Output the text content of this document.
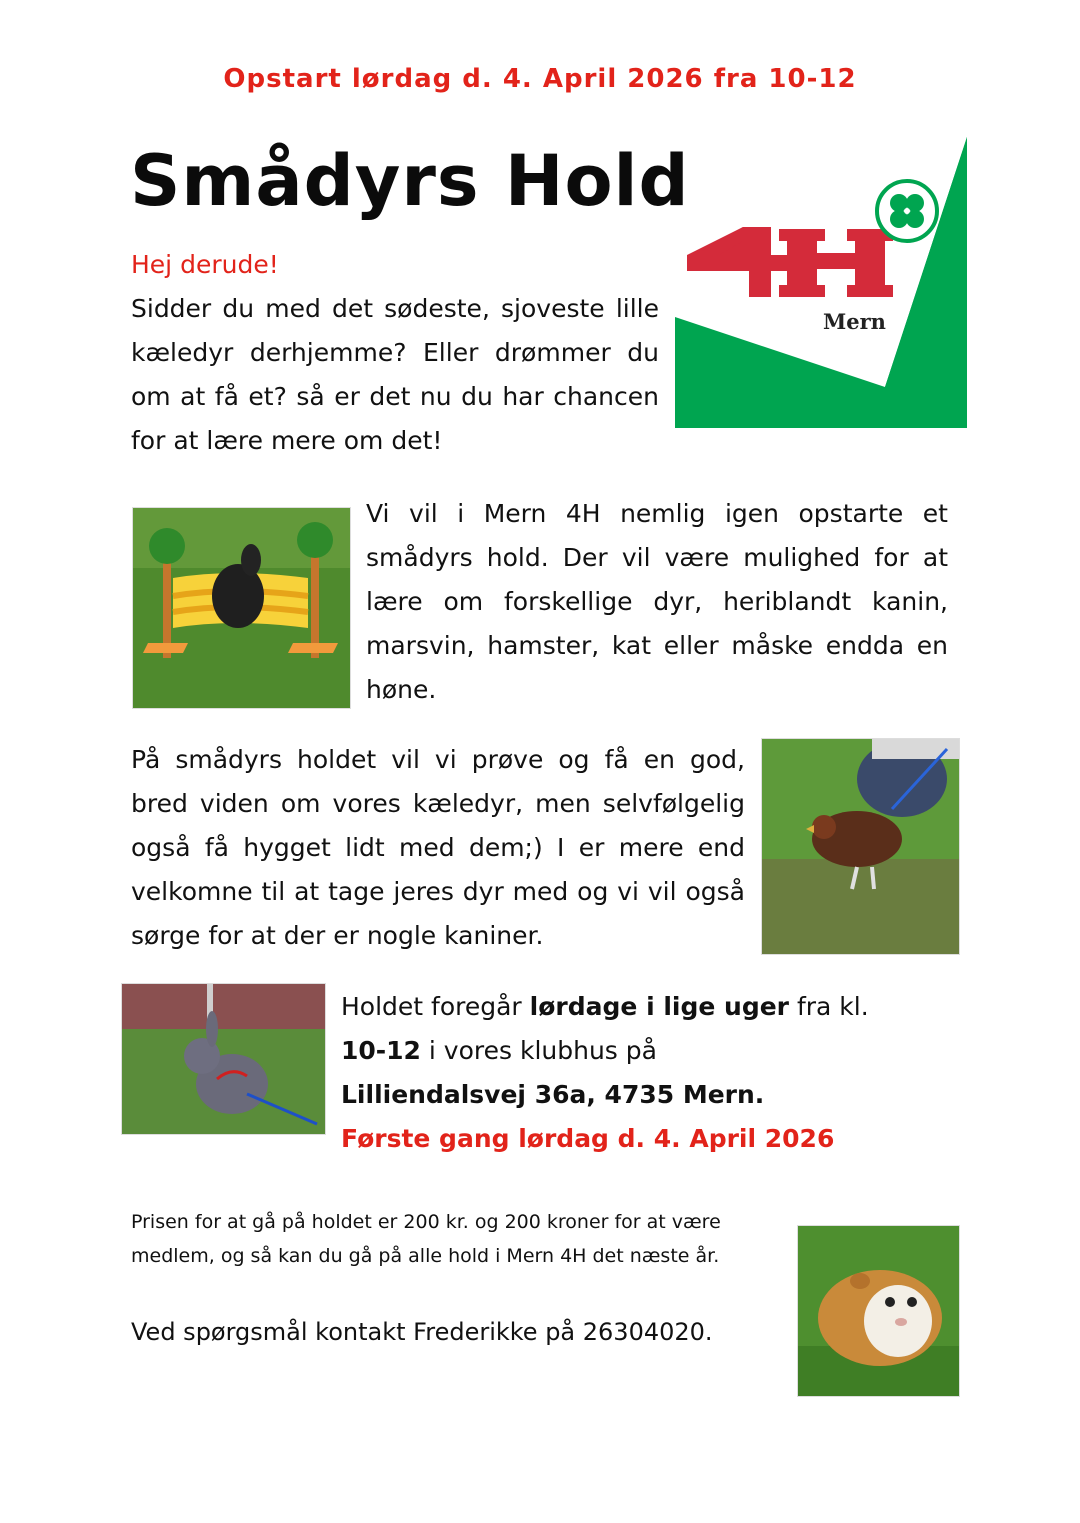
Opstart lørdag d. 4. April 2026 fra 10-12
Smådyrs Hold
Mern
Hej derude!
Sidder du med det sødeste, sjoveste lille kæledyr derhjemme? Eller drømmer du om at få et? så er det nu du har chancen for at lære mere om det!
Vi vil i Mern 4H nemlig igen opstarte et smådyrs hold. Der vil være mulighed for at lære om forskellige dyr, heriblandt kanin, marsvin, hamster, kat eller måske endda en høne.
På smådyrs holdet vil vi prøve og få en god, bred viden om vores kæledyr, men selvfølgelig også få hygget lidt med dem;) I er mere end velkomne til at tage jeres dyr med og vi vil også sørge for at der er nogle kaniner.
Holdet foregår lørdage i lige uger fra kl.
10-12 i vores klubhus på
Lilliendalsvej 36a, 4735 Mern.
Første gang lørdag d. 4. April 2026
Prisen for at gå på holdet er 200 kr. og 200 kroner for at være medlem, og så kan du gå på alle hold i Mern 4H det næste år.
Ved spørgsmål kontakt Frederikke på 26304020.
